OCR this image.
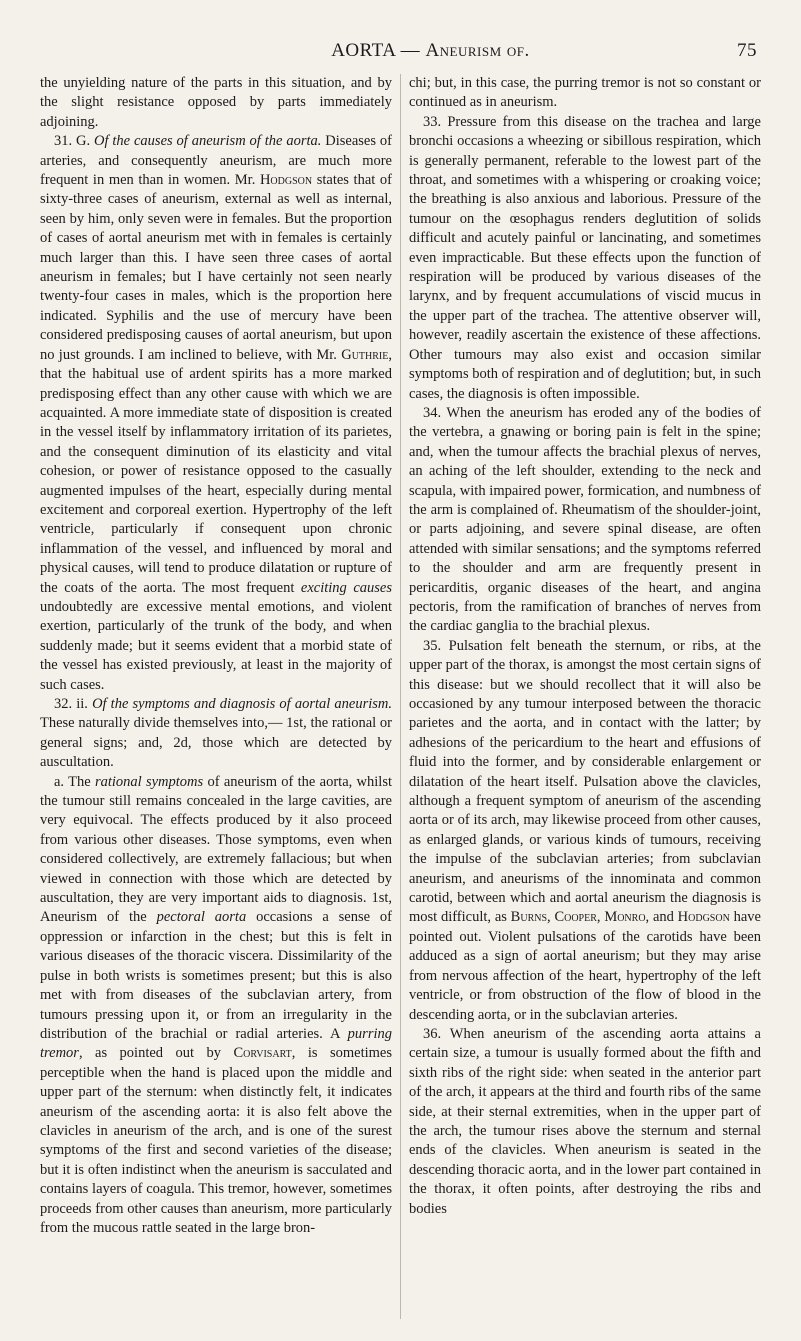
AORTA — Aneurism of.	75

the unyielding nature of the parts in this situation, and by the slight resistance opposed by parts immediately adjoining.

31. G. Of the causes of aneurism of the aorta. Diseases of arteries, and consequently aneurism, are much more frequent in men than in women. Mr. Hodgson states that of sixty-three cases of aneurism, external as well as internal, seen by him, only seven were in females. But the proportion of cases of aortal aneurism met with in females is certainly much larger than this. I have seen three cases of aortal aneurism in females; but I have certainly not seen nearly twenty-four cases in males, which is the proportion here indicated. Syphilis and the use of mercury have been considered predisposing causes of aortal aneurism, but upon no just grounds. I am inclined to believe, with Mr. Guthrie, that the habitual use of ardent spirits has a more marked predisposing effect than any other cause with which we are acquainted. A more immediate state of disposition is created in the vessel itself by inflammatory irritation of its parietes, and the consequent diminution of its elasticity and vital cohesion, or power of resistance opposed to the casually augmented impulses of the heart, especially during mental excitement and corporeal exertion. Hypertrophy of the left ventricle, particularly if consequent upon chronic inflammation of the vessel, and influenced by moral and physical causes, will tend to produce dilatation or rupture of the coats of the aorta. The most frequent exciting causes undoubtedly are excessive mental emotions, and violent exertion, particularly of the trunk of the body, and when suddenly made; but it seems evident that a morbid state of the vessel has existed previously, at least in the majority of such cases.

32. ii. Of the symptoms and diagnosis of aortal aneurism. These naturally divide themselves into,— 1st, the rational or general signs; and, 2d, those which are detected by auscultation.

a. The rational symptoms of aneurism of the aorta, whilst the tumour still remains concealed in the large cavities, are very equivocal. The effects produced by it also proceed from various other diseases. Those symptoms, even when considered collectively, are extremely fallacious; but when viewed in connection with those which are detected by auscultation, they are very important aids to diagnosis. 1st, Aneurism of the pectoral aorta occasions a sense of oppression or infarction in the chest; but this is felt in various diseases of the thoracic viscera. Dissimilarity of the pulse in both wrists is sometimes present; but this is also met with from diseases of the subclavian artery, from tumours pressing upon it, or from an irregularity in the distribution of the brachial or radial arteries. A purring tremor, as pointed out by Corvisart, is sometimes perceptible when the hand is placed upon the middle and upper part of the sternum: when distinctly felt, it indicates aneurism of the ascending aorta: it is also felt above the clavicles in aneurism of the arch, and is one of the surest symptoms of the first and second varieties of the disease; but it is often indistinct when the aneurism is sacculated and contains layers of coagula. This tremor, however, sometimes proceeds from other causes than aneurism, more particularly from the mucous rattle seated in the large bron-

chi; but, in this case, the purring tremor is not so constant or continued as in aneurism.

33. Pressure from this disease on the trachea and large bronchi occasions a wheezing or sibillous respiration, which is generally permanent, referable to the lowest part of the throat, and sometimes with a whispering or croaking voice; the breathing is also anxious and laborious. Pressure of the tumour on the œsophagus renders deglutition of solids difficult and acutely painful or lancinating, and sometimes even impracticable. But these effects upon the function of respiration will be produced by various diseases of the larynx, and by frequent accumulations of viscid mucus in the upper part of the trachea. The attentive observer will, however, readily ascertain the existence of these affections. Other tumours may also exist and occasion similar symptoms both of respiration and of deglutition; but, in such cases, the diagnosis is often impossible.

34. When the aneurism has eroded any of the bodies of the vertebra, a gnawing or boring pain is felt in the spine; and, when the tumour affects the brachial plexus of nerves, an aching of the left shoulder, extending to the neck and scapula, with impaired power, formication, and numbness of the arm is complained of. Rheumatism of the shoulder-joint, or parts adjoining, and severe spinal disease, are often attended with similar sensations; and the symptoms referred to the shoulder and arm are frequently present in pericarditis, organic diseases of the heart, and angina pectoris, from the ramification of branches of nerves from the cardiac ganglia to the brachial plexus.

35. Pulsation felt beneath the sternum, or ribs, at the upper part of the thorax, is amongst the most certain signs of this disease: but we should recollect that it will also be occasioned by any tumour interposed between the thoracic parietes and the aorta, and in contact with the latter; by adhesions of the pericardium to the heart and effusions of fluid into the former, and by considerable enlargement or dilatation of the heart itself. Pulsation above the clavicles, although a frequent symptom of aneurism of the ascending aorta or of its arch, may likewise proceed from other causes, as enlarged glands, or various kinds of tumours, receiving the impulse of the subclavian arteries; from subclavian aneurism, and aneurisms of the innominata and common carotid, between which and aortal aneurism the diagnosis is most difficult, as Burns, Cooper, Monro, and Hodgson have pointed out. Violent pulsations of the carotids have been adduced as a sign of aortal aneurism; but they may arise from nervous affection of the heart, hypertrophy of the left ventricle, or from obstruction of the flow of blood in the descending aorta, or in the subclavian arteries.

36. When aneurism of the ascending aorta attains a certain size, a tumour is usually formed about the fifth and sixth ribs of the right side: when seated in the anterior part of the arch, it appears at the third and fourth ribs of the same side, at their sternal extremities, when in the upper part of the arch, the tumour rises above the sternum and sternal ends of the clavicles. When aneurism is seated in the descending thoracic aorta, and in the lower part contained in the thorax, it often points, after destroying the ribs and bodies
